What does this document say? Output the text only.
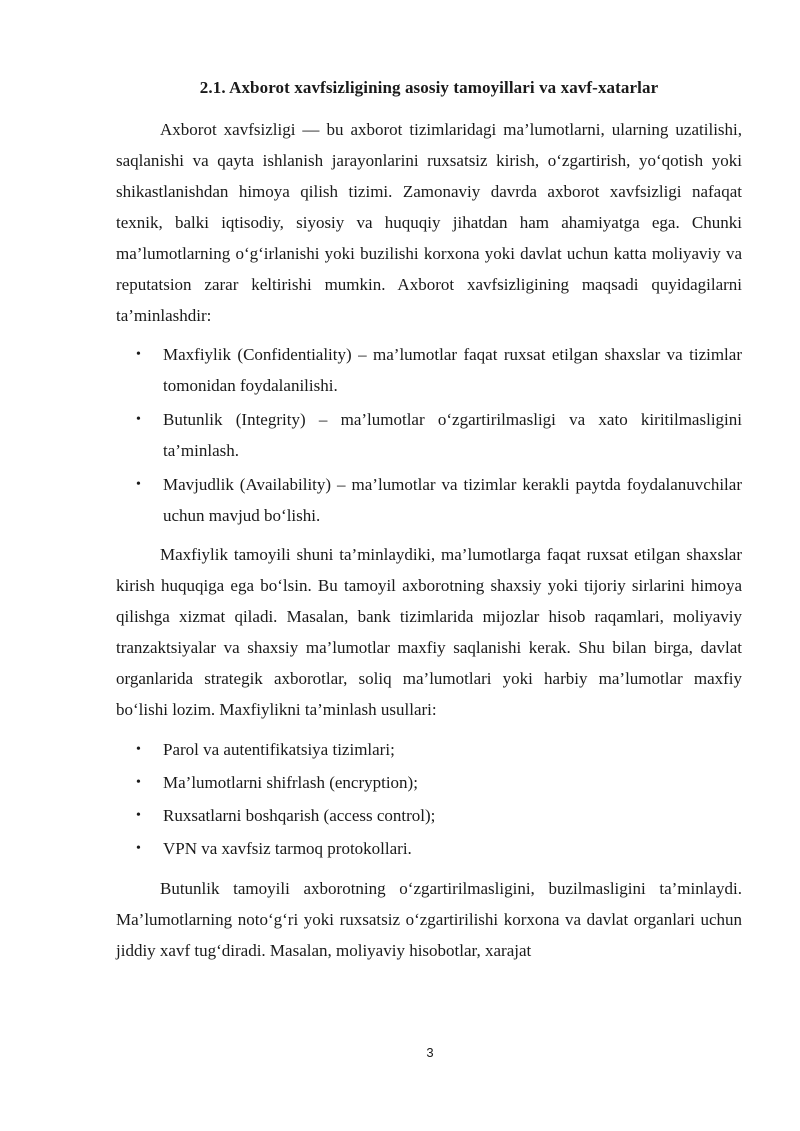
2.1. Axborot xavfsizligining asosiy tamoyillari va xavf-xatarlar

Axborot xavfsizligi — bu axborot tizimlaridagi ma’lumotlarni, ularning uzatilishi, saqlanishi va qayta ishlanish jarayonlarini ruxsatsiz kirish, o‘zgartirish, yo‘qotish yoki shikastlanishdan himoya qilish tizimi. Zamonaviy davrda axborot xavfsizligi nafaqat texnik, balki iqtisodiy, siyosiy va huquqiy jihatdan ham ahamiyatga ega. Chunki ma’lumotlarning o‘g‘irlanishi yoki buzilishi korxona yoki davlat uchun katta moliyaviy va reputatsion zarar keltirishi mumkin. Axborot xavfsizligining maqsadi quyidagilarni ta’minlashdir:

• Maxfiylik (Confidentiality) – ma’lumotlar faqat ruxsat etilgan shaxslar va tizimlar tomonidan foydalanilishi.
• Butunlik (Integrity) – ma’lumotlar o‘zgartirilmasligi va xato kiritilmasligini ta’minlash.
• Mavjudlik (Availability) – ma’lumotlar va tizimlar kerakli paytda foydalanuvchilar uchun mavjud bo‘lishi.

Maxfiylik tamoyili shuni ta’minlaydiki, ma’lumotlarga faqat ruxsat etilgan shaxslar kirish huquqiga ega bo‘lsin. Bu tamoyil axborotning shaxsiy yoki tijoriy sirlarini himoya qilishga xizmat qiladi. Masalan, bank tizimlarida mijozlar hisob raqamlari, moliyaviy tranzaktsiyalar va shaxsiy ma’lumotlar maxfiy saqlanishi kerak. Shu bilan birga, davlat organlarida strategik axborotlar, soliq ma’lumotlari yoki harbiy ma’lumotlar maxfiy bo‘lishi lozim. Maxfiylikni ta’minlash usullari:

• Parol va autentifikatsiya tizimlari;
• Ma’lumotlarni shifrlash (encryption);
• Ruxsatlarni boshqarish (access control);
• VPN va xavfsiz tarmoq protokollari.

Butunlik tamoyili axborotning o‘zgartirilmasligini, buzilmasligini ta’minlaydi. Ma’lumotlarning noto‘g‘ri yoki ruxsatsiz o‘zgartirilishi korxona va davlat organlari uchun jiddiy xavf tug‘diradi. Masalan, moliyaviy hisobotlar, xarajat

3
